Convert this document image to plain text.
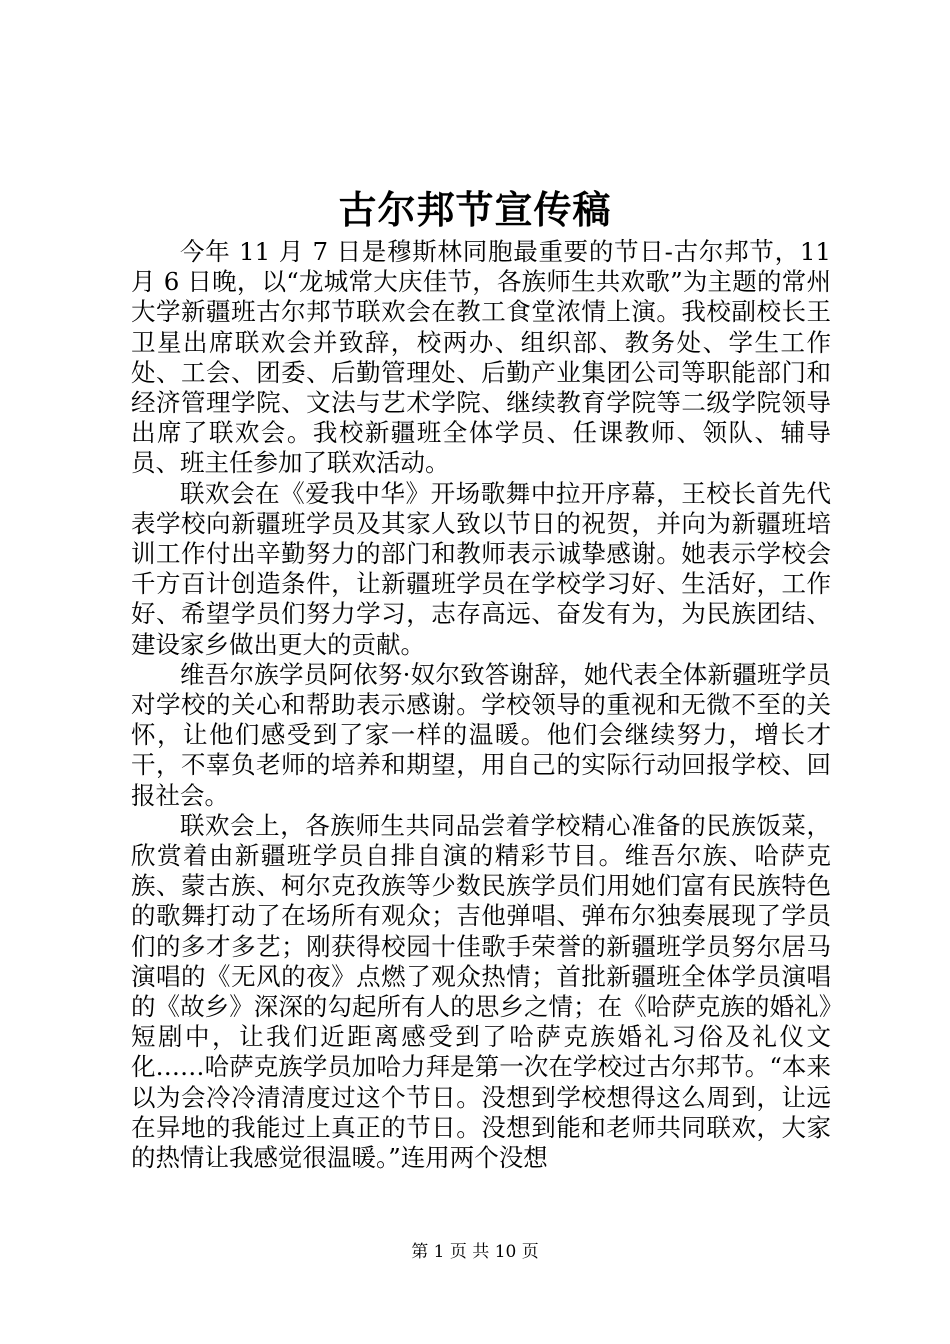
古尔邦节宣传稿

今年 11 月 7 日是穆斯林同胞最重要的节日-古尔邦节，11 月 6 日晚，以“龙城常大庆佳节，各族师生共欢歌”为主题的常州大学新疆班古尔邦节联欢会在教工食堂浓情上演。我校副校长王卫星出席联欢会并致辞，校两办、组织部、教务处、学生工作处、工会、团委、后勤管理处、后勤产业集团公司等职能部门和经济管理学院、文法与艺术学院、继续教育学院等二级学院领导出席了联欢会。我校新疆班全体学员、任课教师、领队、辅导员、班主任参加了联欢活动。

联欢会在《爱我中华》开场歌舞中拉开序幕，王校长首先代表学校向新疆班学员及其家人致以节日的祝贺，并向为新疆班培训工作付出辛勤努力的部门和教师表示诚挚感谢。她表示学校会千方百计创造条件，让新疆班学员在学校学习好、生活好，工作好、希望学员们努力学习，志存高远、奋发有为，为民族团结、建设家乡做出更大的贡献。

维吾尔族学员阿依努·奴尔致答谢辞，她代表全体新疆班学员对学校的关心和帮助表示感谢。学校领导的重视和无微不至的关怀，让他们感受到了家一样的温暖。他们会继续努力，增长才干，不辜负老师的培养和期望，用自己的实际行动回报学校、回报社会。

联欢会上，各族师生共同品尝着学校精心准备的民族饭菜，欣赏着由新疆班学员自排自演的精彩节目。维吾尔族、哈萨克族、蒙古族、柯尔克孜族等少数民族学员们用她们富有民族特色的歌舞打动了在场所有观众；吉他弹唱、弹布尔独奏展现了学员们的多才多艺；刚获得校园十佳歌手荣誉的新疆班学员努尔居马演唱的《无风的夜》点燃了观众热情；首批新疆班全体学员演唱的《故乡》深深的勾起所有人的思乡之情；在《哈萨克族的婚礼》短剧中，让我们近距离感受到了哈萨克族婚礼习俗及礼仪文化……哈萨克族学员加哈力拜是第一次在学校过古尔邦节。“本来以为会冷冷清清度过这个节日。没想到学校想得这么周到，让远在异地的我能过上真正的节日。没想到能和老师共同联欢，大家的热情让我感觉很温暖。”连用两个没想

第 1 页 共 10 页
